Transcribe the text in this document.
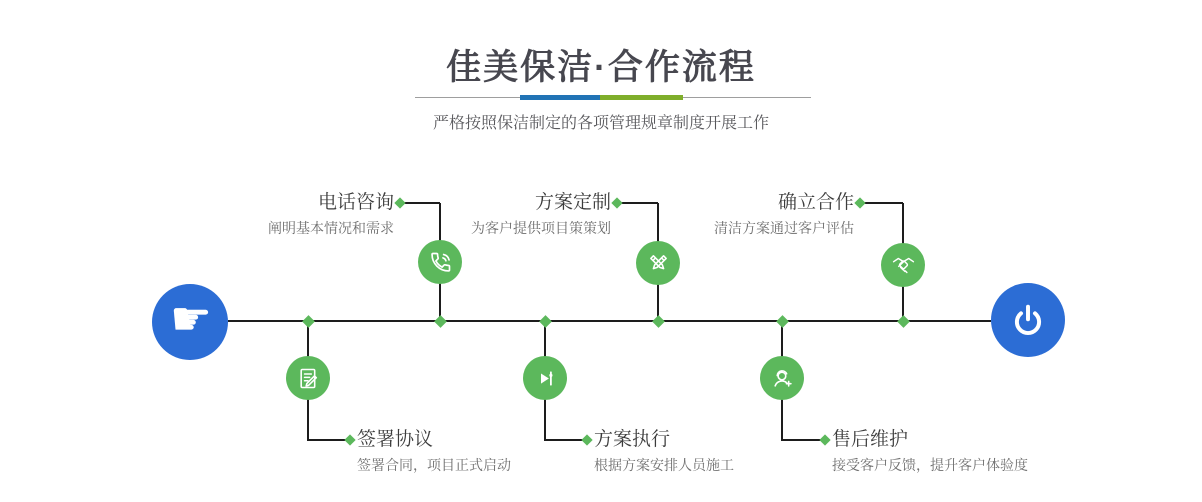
佳美保洁·合作流程

严格按照保洁制定的各项管理规章制度开展工作

☛
电话咨询
阐明基本情况和需求
方案定制
为客户提供项目策策划
确立合作
清洁方案通过客户评估
签署协议
签署合同，项目正式启动
方案执行
根据方案安排人员施工
售后维护
接受客户反馈，提升客户体验度
